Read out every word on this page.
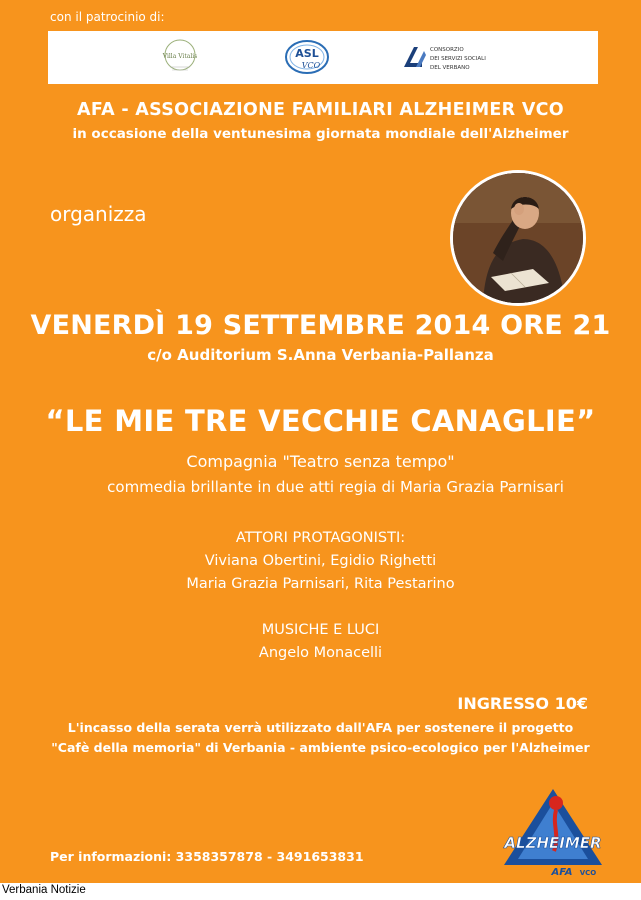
con il patrocinio di:
Villa Vitalis	ASL
VCO
CONSORZIO
DEI SERVIZI SOCIALI
DEL VERBANO
AFA - ASSOCIAZIONE FAMILIARI ALZHEIMER VCO
in occasione della ventunesima giornata mondiale dell'Alzheimer
organizza
VENERDÌ 19 SETTEMBRE 2014 ORE 21
c/o Auditorium S.Anna Verbania-Pallanza
“LE MIE TRE VECCHIE CANAGLIE”
Compagnia "Teatro senza tempo"
commedia brillante in due atti regia di Maria Grazia Parnisari
ATTORI PROTAGONISTI:
Viviana Obertini, Egidio Righetti
Maria Grazia Parnisari, Rita Pestarino
MUSICHE E LUCI
Angelo Monacelli
INGRESSO 10€
L'incasso della serata verrà utilizzato dall'AFA per sostenere il progetto
"Cafè della memoria" di Verbania - ambiente psico-ecologico per l'Alzheimer
Per informazioni: 3358357878 - 3491653831
ALZHEIMER
AFA VCO
Verbania Notizie
